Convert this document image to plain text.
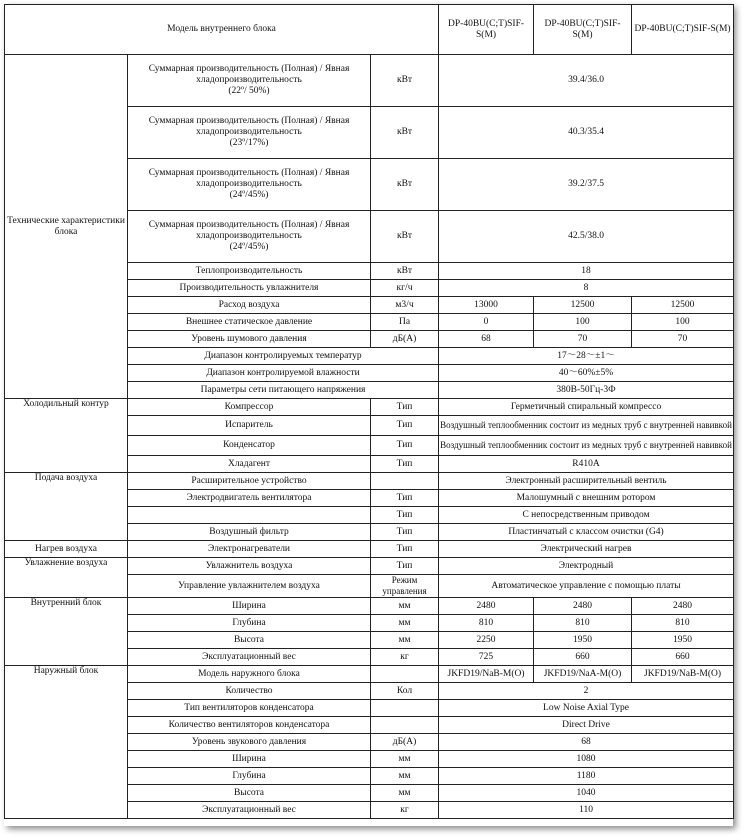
Модель внутреннего блока			DP-40BU(C;T)SIF-S(M)	DP-40BU(C;T)SIF-S(M)	DP-40BU(C;T)SIF-S(M)
Технические характеристики блока	Суммарная производительность (Полная) / Явная хладопроизводительность
(22º/ 50%)	кВт	39.4/36.0		
	Суммарная производительность (Полная) / Явная хладопроизводительность
(23º/17%)	кВт	40.3/35.4		
	Суммарная производительность (Полная) / Явная хладопроизводительность
(24º/45%)	кВт	39.2/37.5		
	Суммарная производительность (Полная) / Явная хладопроизводительность
(24º/45%)	кВт	42.5/38.0		
	Теплопроизводительность	кВт	18		
	Производительность увлажнителя	кг/ч	8		
	Расход воздуха	м3/ч	13000	12500	12500
	Внешнее статическое давление	Па	0	100	100
	Уровень шумового давления	дБ(А)	68	70	70
	Диапазон контролируемых температур		17～28～±1～		
	Диапазон контролируемой влажности		40～60%±5%		
	Параметры сети питающего напряжения		380В-50Гц-3Ф		
Холодильный контур	Компрессор	Тип	Герметичный спиральный компрессо		
	Испаритель	Тип	Воздушный теплообменник состоит из медных труб с внутренней навивкой		
	Конденсатор	Тип	Воздушный теплообменник состоит из медных труб с внутренней навивкой		
	Хладагент	Тип	R410A		
Подача воздуха	Расширительное устройство		Электронный расширительный вентиль		
	Электродвигатель вентилятора	Тип	Малошумный с внешним ротором		
		Тип	С непосредственным приводом		
	Воздушный фильтр	Тип	Пластинчатый с классом очистки (G4)		
Нагрев воздуха	Электронагреватели	Тип	Электрический нагрев		
Увлажнение воздуха	Увлажнитель воздуха	Тип	Электродный		
	Управление увлажнителем воздуха	Режим управления	Автоматическое управление с помощью платы		
Внутренний блок	Ширина	мм	2480	2480	2480
	Глубина	мм	810	810	810
	Высота	мм	2250	1950	1950
	Эксплуатационный вес	кг	725	660	660
Наружный блок	Модель наружного блока		JKFD19/NaB-M(O)	JKFD19/NaA-M(O)	JKFD19/NaB-M(O)
	Количество	Кол	2		
	Тип вентиляторов конденсатора		Low Noise Axial Type		
	Количество вентиляторов конденсатора		Direct Drive		
	Уровень звукового давления	дБ(А)	68		
	Ширина	мм	1080		
	Глубина	мм	1180		
	Высота	мм	1040		
	Эксплуатационный вес	кг	110		
